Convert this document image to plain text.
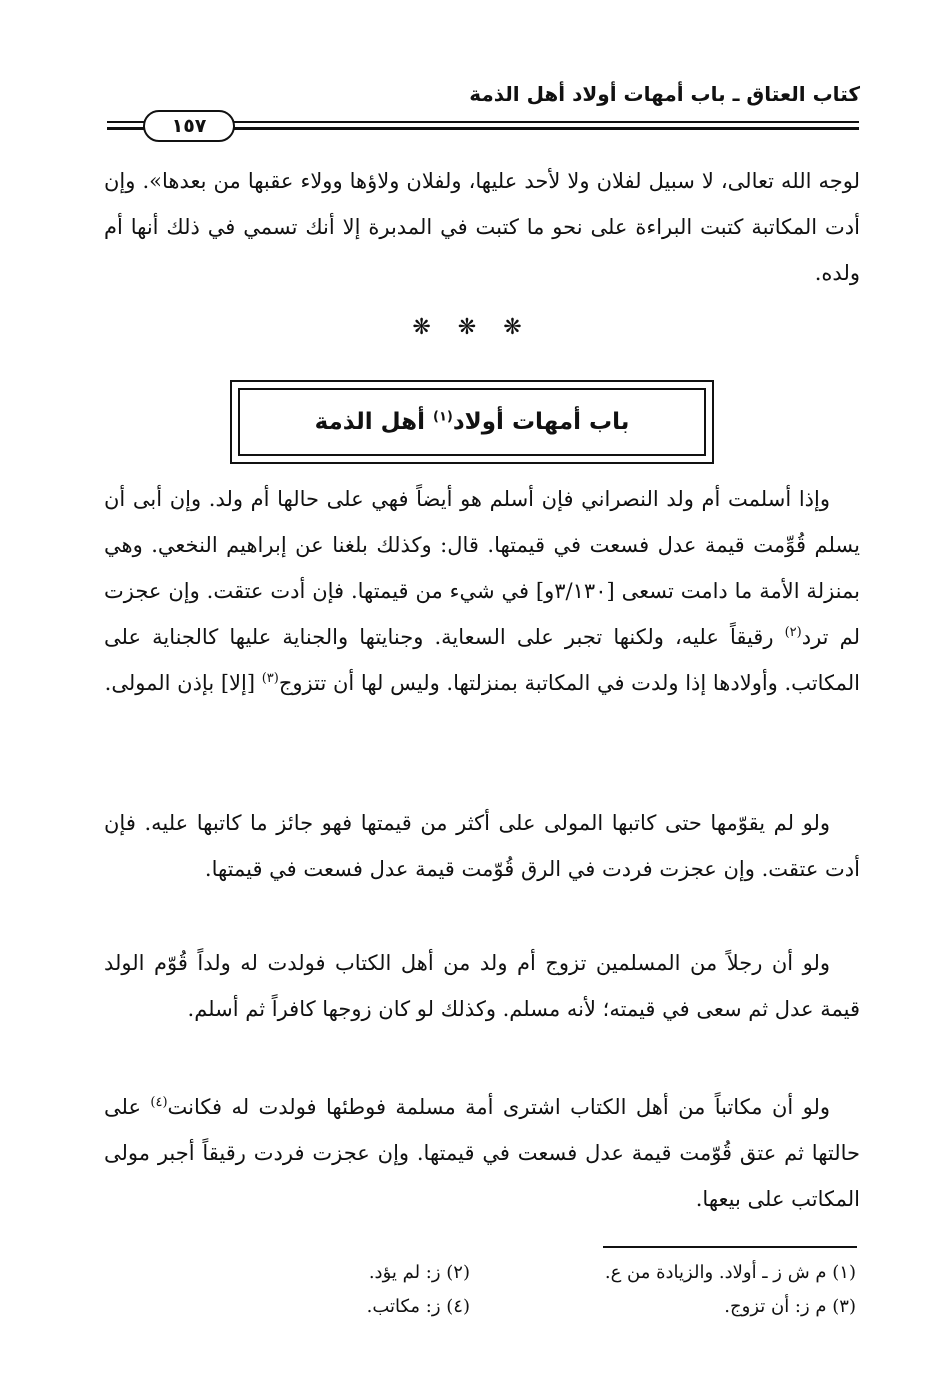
كتاب العتاق ـ باب أمهات أولاد أهل الذمة
١٥٧

لوجه الله تعالى، لا سبيل لفلان ولا لأحد عليها، ولفلان ولاؤها وولاء عقبها من بعدها». وإن أدت المكاتبة كتبت البراءة على نحو ما كتبت في المدبرة إلا أنك تسمي في ذلك أنها أم ولده.

❋ ❋ ❋
باب أمهات أولاد$^{(١)}$ أهل الذمة

وإذا أسلمت أم ولد النصراني فإن أسلم هو أيضاً فهي على حالها أم ولد. وإن أبى أن يسلم قُوِّمت قيمة عدل فسعت في قيمتها. قال: وكذلك بلغنا عن إبراهيم النخعي. وهي بمنزلة الأمة ما دامت تسعى [٣/١٣٠و] في شيء من قيمتها. فإن أدت عتقت. وإن عجزت لم ترد$^{(٢)}$ رقيقاً عليه، ولكنها تجبر على السعاية. وجنايتها والجناية عليها كالجناية على المكاتب. وأولادها إذا ولدت في المكاتبة بمنزلتها. وليس لها أن تتزوج$^{(٣)}$ [إلا] بإذن المولى.

ولو لم يقوّمها حتى كاتبها المولى على أكثر من قيمتها فهو جائز ما كاتبها عليه. فإن أدت عتقت. وإن عجزت فردت في الرق قُوّمت قيمة عدل فسعت في قيمتها.

ولو أن رجلاً من المسلمين تزوج أم ولد من أهل الكتاب فولدت له ولداً قُوّم الولد قيمة عدل ثم سعى في قيمته؛ لأنه مسلم. وكذلك لو كان زوجها كافراً ثم أسلم.

ولو أن مكاتباً من أهل الكتاب اشترى أمة مسلمة فوطئها فولدت له فكانت$^{(٤)}$ على حالتها ثم عتق قُوّمت قيمة عدل فسعت في قيمتها. وإن عجزت فردت رقيقاً أجبر مولى المكاتب على بيعها.

(١) م ش ز ـ أولاد. والزيادة من ع.
(٢) ز: لم يؤد.
(٣) م ز: أن تزوج.
(٤) ز: مكاتب.
